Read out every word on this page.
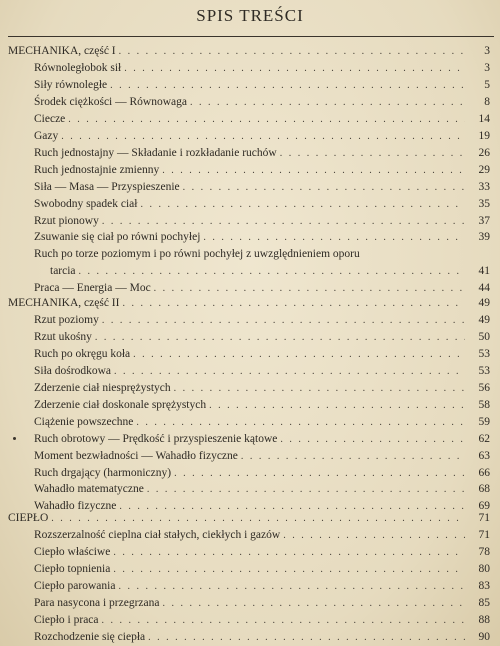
SPIS TREŚCI
MECHANIKA, część I . . .	3
Równoległobok sił . . .	3
Siły równoległe . . .	5
Środek ciężkości — Równowaga . . .	8
Ciecze . . .	14
Gazy . . .	19
Ruch jednostajny — Składanie i rozkładanie ruchów . . .	26
Ruch jednostajnie zmienny . . .	29
Siła — Masa — Przyspieszenie . . .	33
Swobodny spadek ciał . . .	35
Rzut pionowy . . .	37
Zsuwanie się ciał po równi pochyłej . . .	39
Ruch po torze poziomym i po równi pochyłej z uwzględnieniem oporu
tarcia . . .	41
Praca — Energia — Moc . . .	44
MECHANIKA, część II . . .	49
Rzut poziomy . . .	49
Rzut ukośny . . .	50
Ruch po okręgu koła . . .	53
Siła dośrodkowa . . .	53
Zderzenie ciał niesprężystych . . .	56
Zderzenie ciał doskonale sprężystych . . .	58
Ciążenie powszechne . . .	59
Ruch obrotowy — Prędkość i przyspieszenie kątowe . . .	62
Moment bezwładności — Wahadło fizyczne . . .	63
Ruch drgający (harmoniczny) . . .	66
Wahadło matematyczne . . .	68
Wahadło fizyczne . . .	69
CIEPŁO . . .	71
Rozszerzalność cieplna ciał stałych, ciekłych i gazów . . .	71
Ciepło właściwe . . .	78
Ciepło topnienia . . .	80
Ciepło parowania . . .	83
Para nasycona i przegrzana . . .	85
Ciepło i praca . . .	88
Rozchodzenie się ciepła . . .	90
